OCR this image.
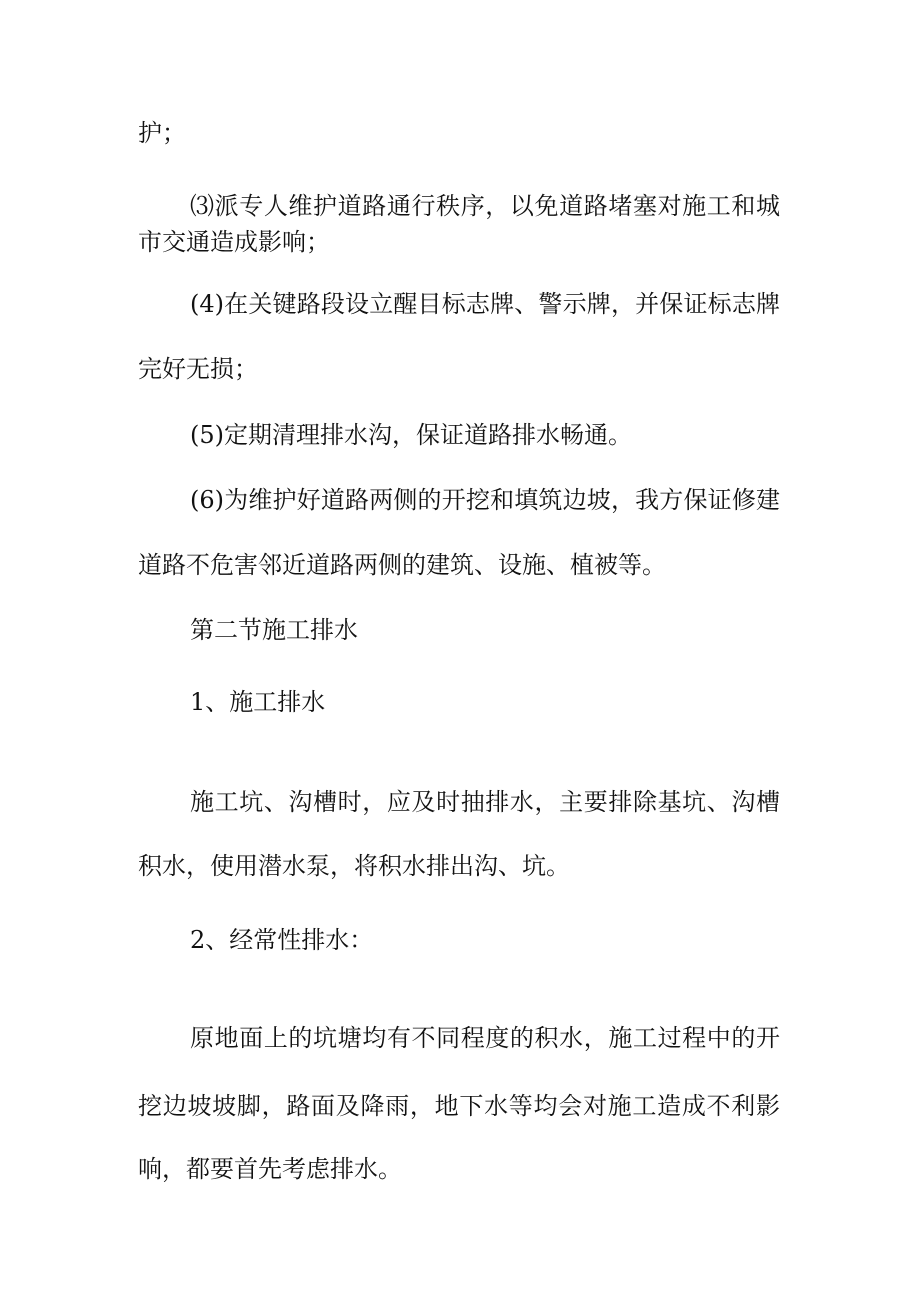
护；

⑶派专人维护道路通行秩序，以免道路堵塞对施工和城

市交通造成影响；

(4)在关键路段设立醒目标志牌、警示牌，并保证标志牌

完好无损；

(5)定期清理排水沟，保证道路排水畅通。

(6)为维护好道路两侧的开挖和填筑边坡，我方保证修建

道路不危害邻近道路两侧的建筑、设施、植被等。

第二节施工排水

1、施工排水

施工坑、沟槽时，应及时抽排水，主要排除基坑、沟槽

积水，使用潜水泵，将积水排出沟、坑。

2、经常性排水：

原地面上的坑塘均有不同程度的积水，施工过程中的开

挖边坡坡脚，路面及降雨，地下水等均会对施工造成不利影

响，都要首先考虑排水。
